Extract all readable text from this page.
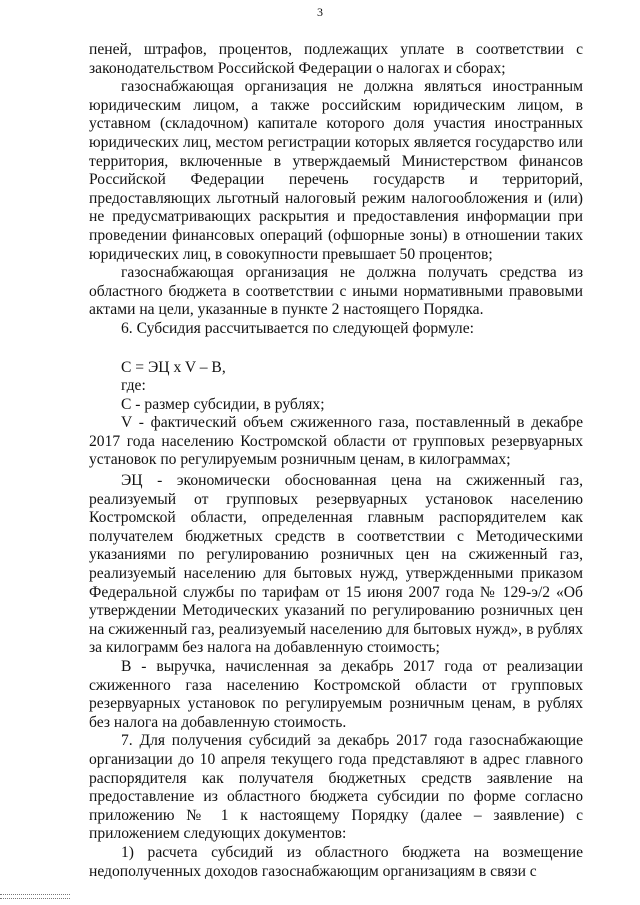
3

пеней, штрафов, процентов, подлежащих уплате в соответствии с законодательством Российской Федерации о налогах и сборах;

газоснабжающая организация не должна являться иностранным юридическим лицом, а также российским юридическим лицом, в уставном (складочном) капитале которого доля участия иностранных юридических лиц, местом регистрации которых является государство или территория, включенные в утверждаемый Министерством финансов Российской Федерации перечень государств и территорий, предоставляющих льготный налоговый режим налогообложения и (или) не предусматривающих раскрытия и предоставления информации при проведении финансовых операций (офшорные зоны) в отношении таких юридических лиц, в совокупности превышает 50 процентов;

газоснабжающая организация не должна получать средства из областного бюджета в соответствии с иными нормативными правовыми актами на цели, указанные в пункте 2 настоящего Порядка.

6. Субсидия рассчитывается по следующей формуле:

С = ЭЦ x V – В,

где:

С - размер субсидии, в рублях;

V - фактический объем сжиженного газа, поставленный в декабре 2017 года населению Костромской области от групповых резервуарных установок по регулируемым розничным ценам, в килограммах;

ЭЦ - экономически обоснованная цена на сжиженный газ, реализуемый от групповых резервуарных установок населению Костромской области, определенная главным распорядителем как получателем бюджетных средств в соответствии с Методическими указаниями по регулированию розничных цен на сжиженный газ, реализуемый населению для бытовых нужд, утвержденными приказом Федеральной службы по тарифам от 15 июня 2007 года № 129-э/2 «Об утверждении Методических указаний по регулированию розничных цен на сжиженный газ, реализуемый населению для бытовых нужд», в рублях за килограмм без налога на добавленную стоимость;

В - выручка, начисленная за декабрь 2017 года от реализации сжиженного газа населению Костромской области от групповых резервуарных установок по регулируемым розничным ценам, в рублях без налога на добавленную стоимость.

7. Для получения субсидий за декабрь 2017 года газоснабжающие организации до 10 апреля текущего года представляют в адрес главного распорядителя как получателя бюджетных средств заявление на предоставление из областного бюджета субсидии по форме согласно приложению № 1 к настоящему Порядку (далее – заявление) с приложением следующих документов:

1) расчета субсидий из областного бюджета на возмещение недополученных доходов газоснабжающим организациям в связи с
